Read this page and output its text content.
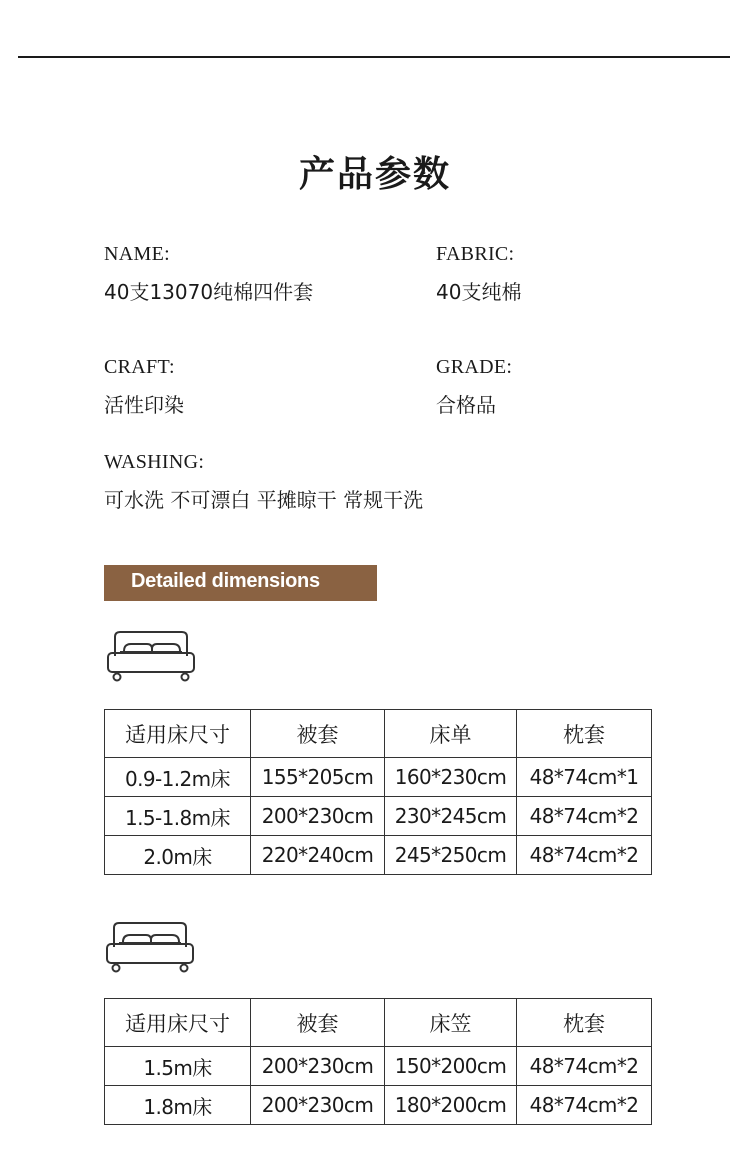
产品参数
NAME:
40支13070纯棉四件套
FABRIC:
40支纯棉
CRAFT:
活性印染
GRADE:
合格品
WASHING:
可水洗 不可漂白 平摊晾干 常规干洗
Detailed dimensions
适用床尺寸	被套	床单	枕套
0.9-1.2m床	155*205cm	160*230cm	48*74cm*1
1.5-1.8m床	200*230cm	230*245cm	48*74cm*2
2.0m床	220*240cm	245*250cm	48*74cm*2
适用床尺寸	被套	床笠	枕套
1.5m床	200*230cm	150*200cm	48*74cm*2
1.8m床	200*230cm	180*200cm	48*74cm*2
